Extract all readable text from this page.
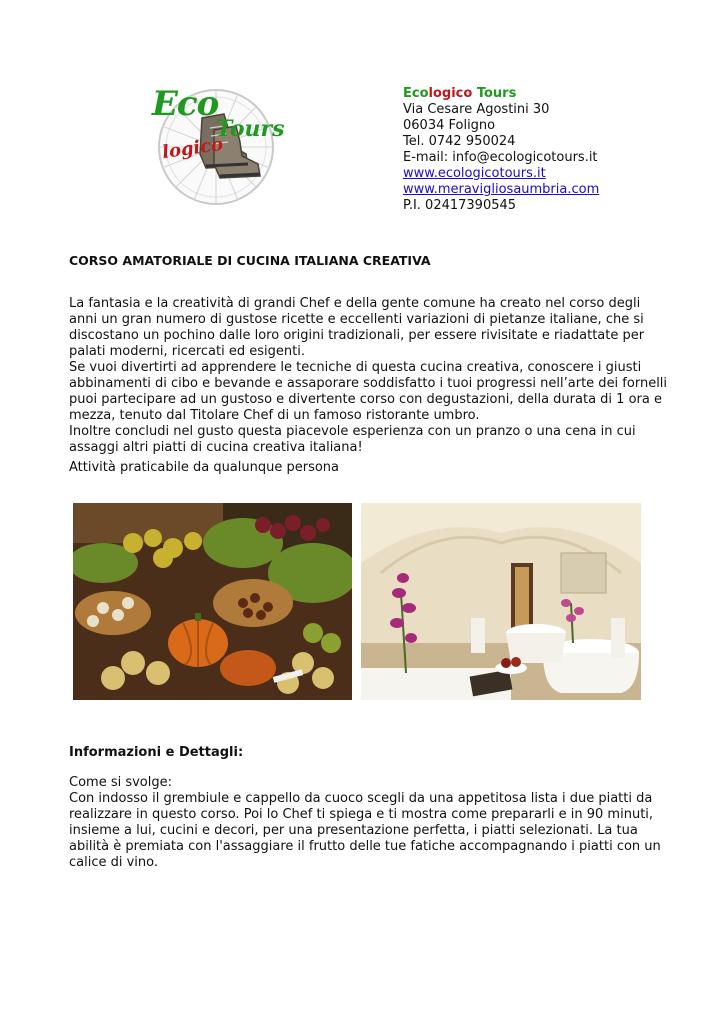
Eco
Tours
logico
Ecologico Tours
Via Cesare Agostini 30
06034 Foligno
Tel. 0742 950024
E-mail: info@ecologicotours.it
www.ecologicotours.it
www.meravigliosaumbria.com
P.I. 02417390545
CORSO AMATORIALE DI CUCINA ITALIANA CREATIVA

La fantasia e la creatività di grandi Chef e della gente comune ha creato nel corso degli anni un gran numero di gustose ricette e eccellenti variazioni di pietanze italiane, che si discostano un pochino dalle loro origini tradizionali, per essere rivisitate e riadattate per palati moderni, ricercati ed esigenti.

Se vuoi divertirti ad apprendere le tecniche di questa cucina creativa, conoscere i giusti abbinamenti di cibo e bevande e assaporare soddisfatto i tuoi progressi nell’arte dei fornelli puoi partecipare ad un gustoso e divertente corso con degustazioni, della durata di 1 ora e mezza, tenuto dal Titolare Chef di un famoso ristorante umbro.

Inoltre concludi nel gusto questa piacevole esperienza con un pranzo o una cena in cui assaggi altri piatti di cucina creativa italiana!

Attività praticabile da qualunque persona
Informazioni e Dettagli:

Come si svolge:

Con indosso il grembiule e cappello da cuoco scegli da una appetitosa lista i due piatti da realizzare in questo corso. Poi lo Chef ti spiega e ti mostra come prepararli e in 90 minuti, insieme a lui, cucini e decori, per una presentazione perfetta, i piatti selezionati. La tua abilità è premiata con l'assaggiare il frutto delle tue fatiche accompagnando i piatti con un calice di vino.
